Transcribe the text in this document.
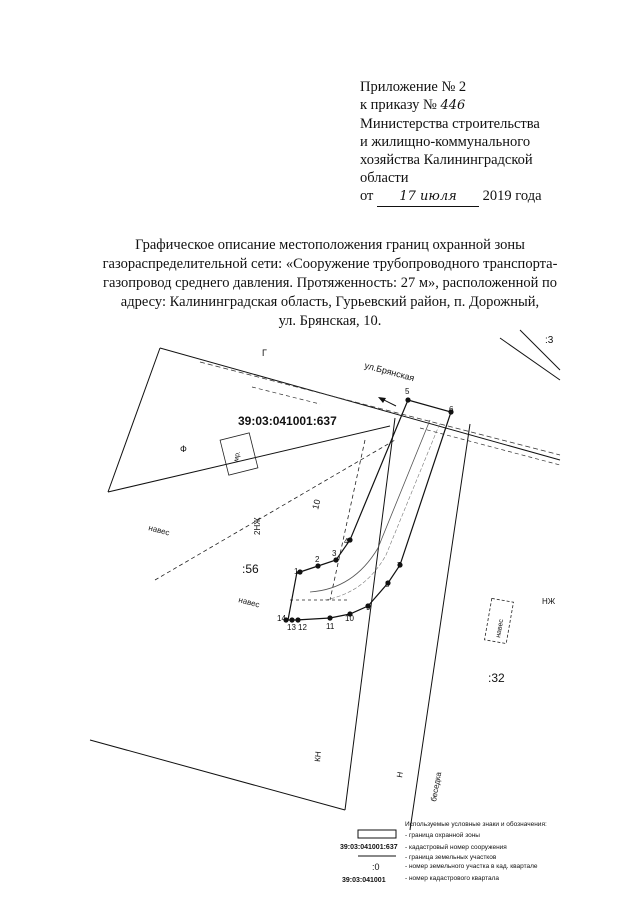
Приложение № 2
к приказу № 446
Министерства строительства
и жилищно-коммунального
хозяйства Калининградской
области
от 17 июля 2019 года
Графическое описание местоположения границ охранной зоны
газораспределительной сети: «Сооружение трубопроводного транспорта-
газопровод среднего давления. Протяженность: 27 м», расположенной по
адресу: Калининградская область, Гурьевский район, п. Дорожный,
ул. Брянская, 10.
1
2
3
4
5
6
7
8
9
10
11
12
13
14
ул.Брянская
39:03:041001:637
:56
:32
:3
Г
2НЖ
10
навес
навес
навес
НЖ
КН
Н	беседка
мр.
Ф
Используемые условные знаки и обозначения:
- граница охранной зоны
39:03:041001:637 - кадастровый номер сооружения
- граница земельных участков
:0	- номер земельного участка в кад. квартале
39:03:041001	- номер кадастрового квартала
